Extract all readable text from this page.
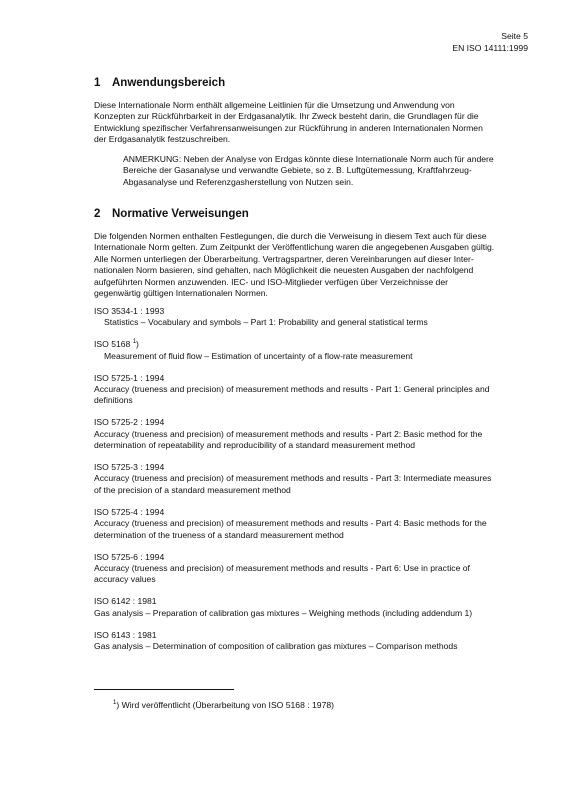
Seite 5
EN ISO 14111:1999
1 Anwendungsbereich
Diese Internationale Norm enthält allgemeine Leitlinien für die Umsetzung und Anwendung von
Konzepten zur Rückführbarkeit in der Erdgasanalytik. Ihr Zweck besteht darin, die Grundlagen für die
Entwicklung spezifischer Verfahrensanweisungen zur Rückführung in anderen Internationalen Normen
der Erdgasanalytik festzuschreiben.
ANMERKUNG: Neben der Analyse von Erdgas könnte diese Internationale Norm auch für andere
Bereiche der Gasanalyse und verwandte Gebiete, so z. B. Luftgütemessung, Kraftfahrzeug-
Abgasanalyse und Referenzgasherstellung von Nutzen sein.
2 Normative Verweisungen
Die folgenden Normen enthalten Festlegungen, die durch die Verweisung in diesem Text auch für diese
Internationale Norm gelten. Zum Zeitpunkt der Veröffentlichung waren die angegebenen Ausgaben gültig.
Alle Normen unterliegen der Überarbeitung. Vertragspartner, deren Vereinbarungen auf dieser Inter-
nationalen Norm basieren, sind gehalten, nach Möglichkeit die neuesten Ausgaben der nachfolgend
aufgeführten Normen anzuwenden. IEC- und ISO-Mitglieder verfügen über Verzeichnisse der
gegenwärtig gültigen Internationalen Normen.
ISO 3534-1 : 1993
Statistics – Vocabulary and symbols – Part 1: Probability and general statistical terms
ISO 5168 $^1$)
Measurement of fluid flow – Estimation of uncertainty of a flow-rate measurement
ISO 5725-1 : 1994
Accuracy (trueness and precision) of measurement methods and results - Part 1: General principles and
definitions
ISO 5725-2 : 1994
Accuracy (trueness and precision) of measurement methods and results - Part 2: Basic method for the
determination of repeatability and reproducibility of a standard measurement method
ISO 5725-3 : 1994
Accuracy (trueness and precision) of measurement methods and results - Part 3: Intermediate measures
of the precision of a standard measurement method
ISO 5725-4 : 1994
Accuracy (trueness and precision) of measurement methods and results - Part 4: Basic methods for the
determination of the trueness of a standard measurement method
ISO 5725-6 : 1994
Accuracy (trueness and precision) of measurement methods and results - Part 6: Use in practice of
accuracy values
ISO 6142 : 1981
Gas analysis – Preparation of calibration gas mixtures – Weighing methods (including addendum 1)
ISO 6143 : 1981
Gas analysis – Determination of composition of calibration gas mixtures – Comparison methods
$^1$) Wird veröffentlicht (Überarbeitung von ISO 5168 : 1978)
